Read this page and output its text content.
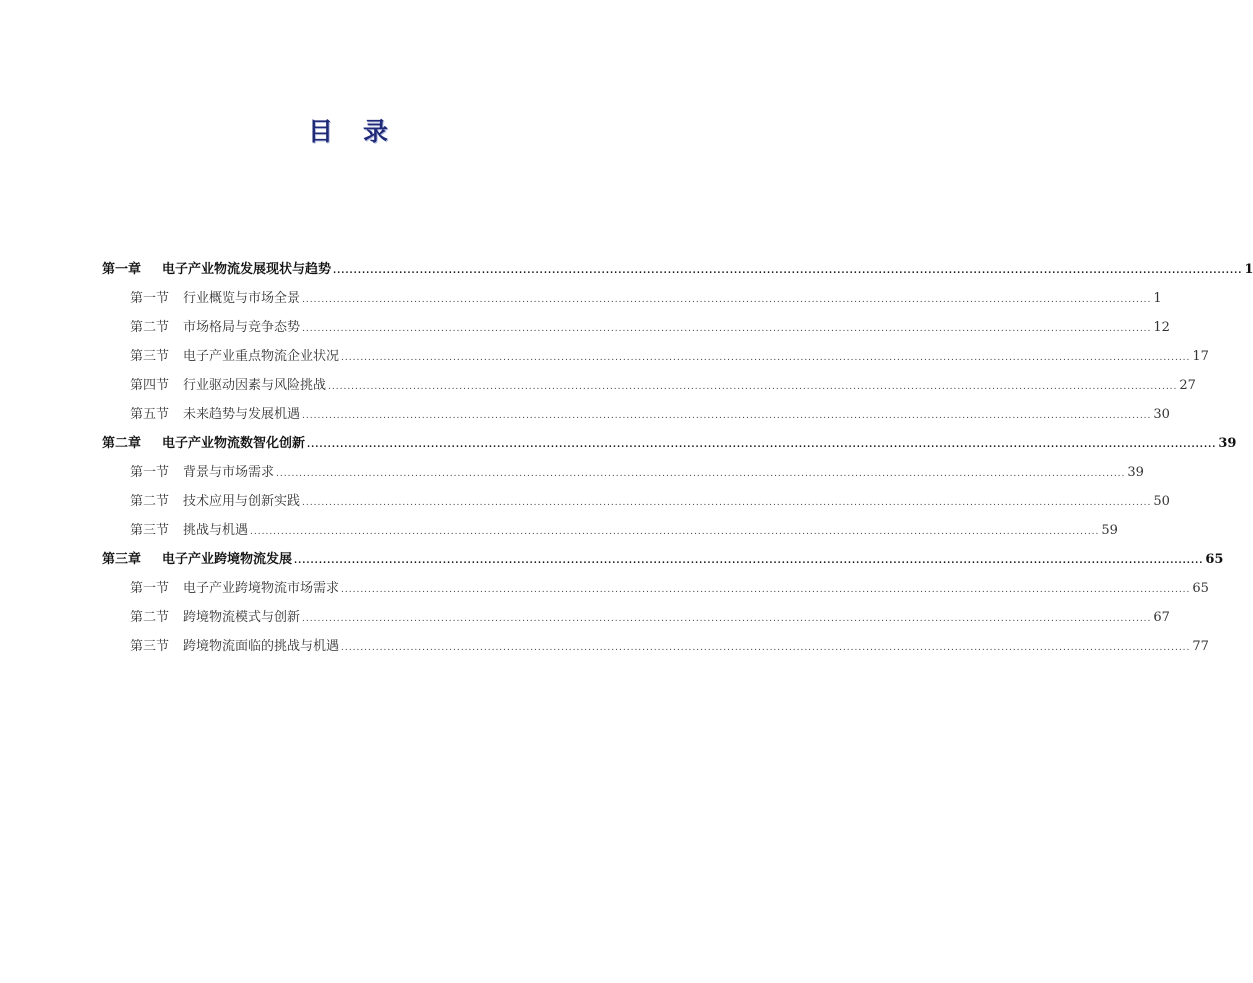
目 录
第一章	电子产业物流发展现状与趋势 ............................................................................................................................................................................................................................ 1
第一节	行业概览与市场全景 ............................................................................................................................................................................................................................ 1
第二节	市场格局与竞争态势 ............................................................................................................................................................................................................................ 12
第三节	电子产业重点物流企业状况 ............................................................................................................................................................................................................................ 17
第四节	行业驱动因素与风险挑战 ............................................................................................................................................................................................................................ 27
第五节	未来趋势与发展机遇 ............................................................................................................................................................................................................................ 30
第二章	电子产业物流数智化创新 ............................................................................................................................................................................................................................ 39
第一节	背景与市场需求 ............................................................................................................................................................................................................................ 39
第二节	技术应用与创新实践 ............................................................................................................................................................................................................................ 50
第三节	挑战与机遇 ............................................................................................................................................................................................................................ 59
第三章	电子产业跨境物流发展 ............................................................................................................................................................................................................................ 65
第一节	电子产业跨境物流市场需求 ............................................................................................................................................................................................................................ 65
第二节	跨境物流模式与创新 ............................................................................................................................................................................................................................ 67
第三节	跨境物流面临的挑战与机遇 ............................................................................................................................................................................................................................ 77
